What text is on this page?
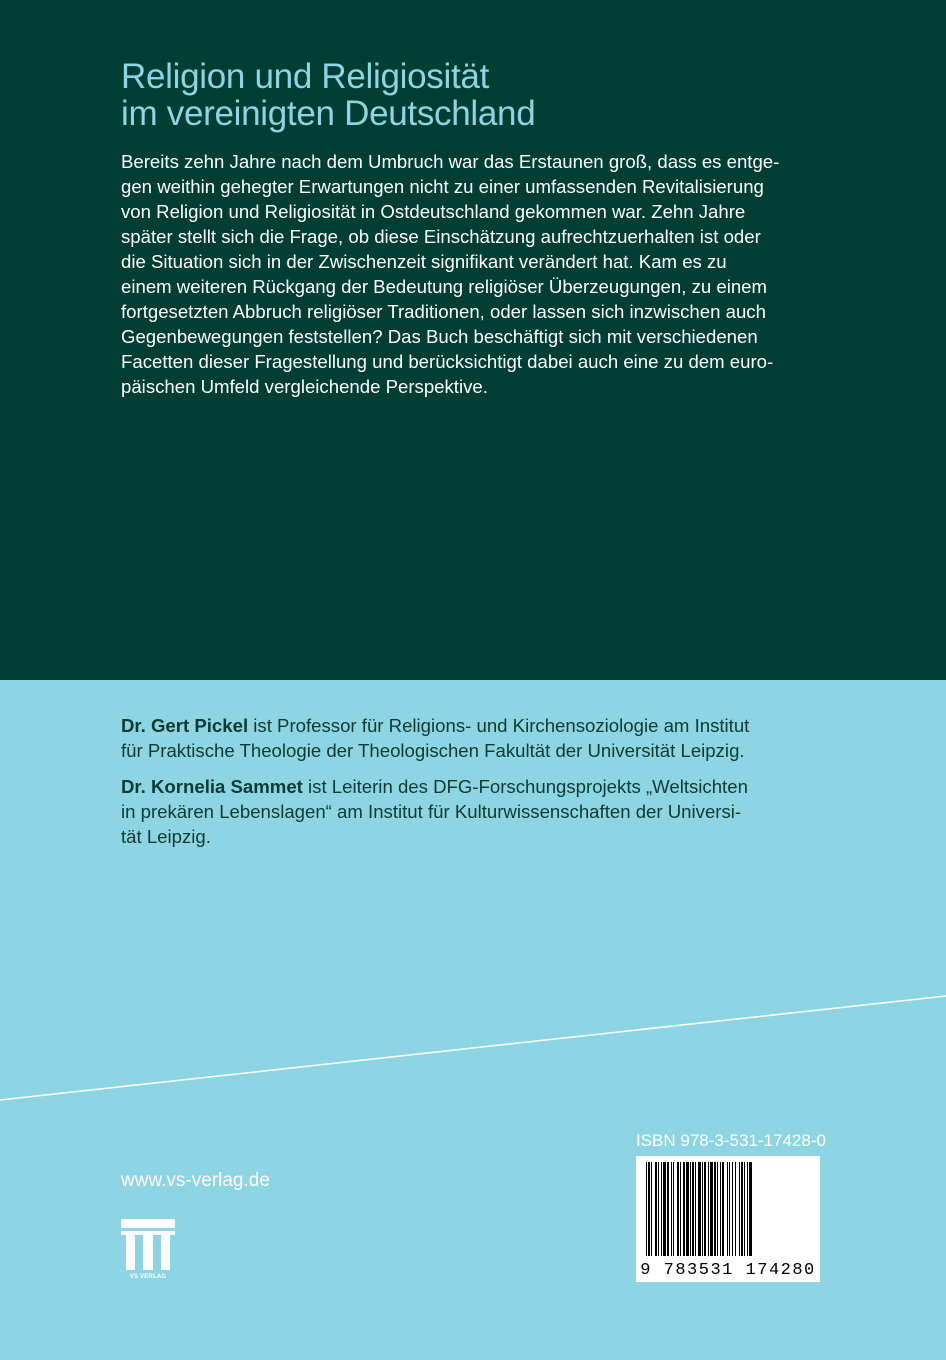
Religion und Religiosität
im vereinigten Deutschland
Bereits zehn Jahre nach dem Umbruch war das Erstaunen groß, dass es entge-
gen weithin gehegter Erwartungen nicht zu einer umfassenden Revitalisierung
von Religion und Religiosität in Ostdeutschland gekommen war. Zehn Jahre
später stellt sich die Frage, ob diese Einschätzung aufrechtzuerhalten ist oder
die Situation sich in der Zwischenzeit signifikant verändert hat. Kam es zu
einem weiteren Rückgang der Bedeutung religiöser Überzeugungen, zu einem
fortgesetzten Abbruch religiöser Traditionen, oder lassen sich inzwischen auch
Gegenbewegungen feststellen? Das Buch beschäftigt sich mit verschiedenen
Facetten dieser Fragestellung und berücksichtigt dabei auch eine zu dem euro-
päischen Umfeld vergleichende Perspektive.
Dr. Gert Pickel ist Professor für Religions- und Kirchensoziologie am Institut
für Praktische Theologie der Theologischen Fakultät der Universität Leipzig.
Dr. Kornelia Sammet ist Leiterin des DFG-Forschungsprojekts „Weltsichten
in prekären Lebenslagen“ am Institut für Kulturwissenschaften der Universi-
tät Leipzig.
www.vs-verlag.de
VS VERLAG
ISBN 978-3-531-17428-0
9 783531 174280
